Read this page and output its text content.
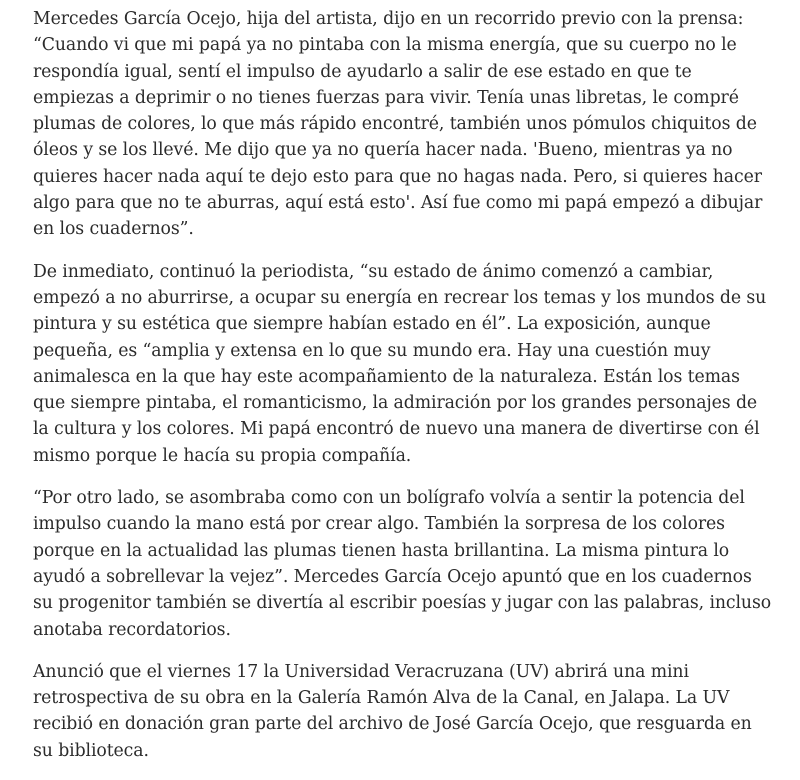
Mercedes García Ocejo, hija del artista, dijo en un recorrido previo con la prensa: “Cuando vi que mi papá ya no pintaba con la misma energía, que su cuerpo no le respondía igual, sentí el impulso de ayudarlo a salir de ese estado en que te empiezas a deprimir o no tienes fuerzas para vivir. Tenía unas libretas, le compré plumas de colores, lo que más rápido encontré, también unos pómulos chiquitos de óleos y se los llevé. Me dijo que ya no quería hacer nada. 'Bueno, mientras ya no quieres hacer nada aquí te dejo esto para que no hagas nada. Pero, si quieres hacer algo para que no te aburras, aquí está esto'. Así fue como mi papá empezó a dibujar en los cuadernos”.

De inmediato, continuó la periodista, “su estado de ánimo comenzó a cambiar, empezó a no aburrirse, a ocupar su energía en recrear los temas y los mundos de su pintura y su estética que siempre habían estado en él”. La exposición, aunque pequeña, es “amplia y extensa en lo que su mundo era. Hay una cuestión muy animalesca en la que hay este acompañamiento de la naturaleza. Están los temas que siempre pintaba, el romanticismo, la admiración por los grandes personajes de la cultura y los colores. Mi papá encontró de nuevo una manera de divertirse con él mismo porque le hacía su propia compañía.

“Por otro lado, se asombraba como con un bolígrafo volvía a sentir la potencia del impulso cuando la mano está por crear algo. También la sorpresa de los colores porque en la actualidad las plumas tienen hasta brillantina. La misma pintura lo ayudó a sobrellevar la vejez”. Mercedes García Ocejo apuntó que en los cuadernos su progenitor también se divertía al escribir poesías y jugar con las palabras, incluso anotaba recordatorios.

Anunció que el viernes 17 la Universidad Veracruzana (UV) abrirá una mini retrospectiva de su obra en la Galería Ramón Alva de la Canal, en Jalapa. La UV recibió en donación gran parte del archivo de José García Ocejo, que resguarda en su biblioteca.
